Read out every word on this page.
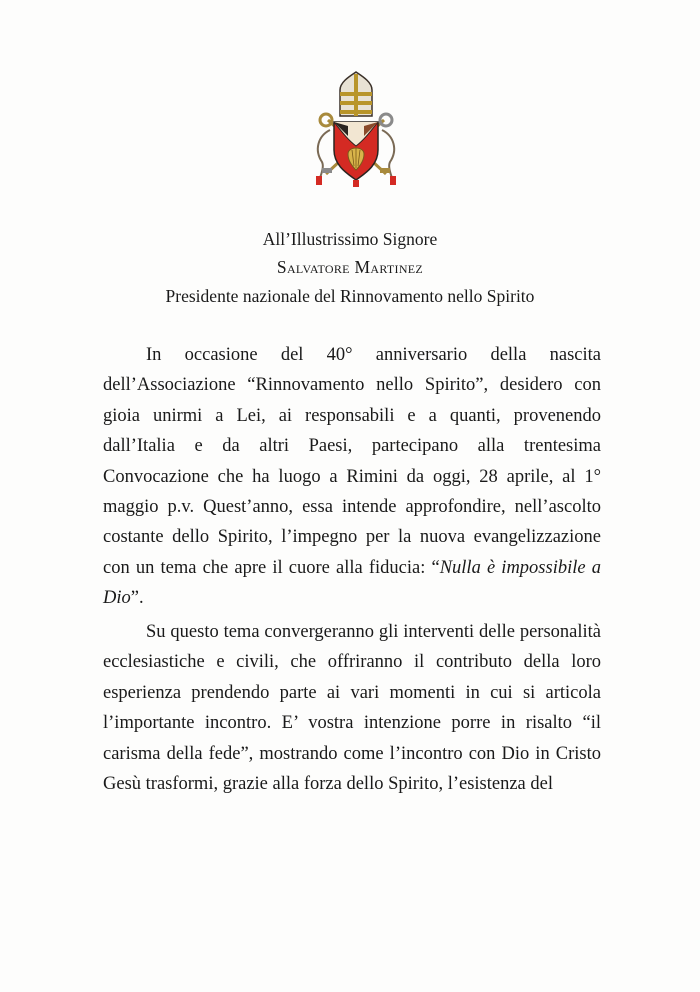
All’Illustrissimo Signore
Salvatore Martinez
Presidente nazionale del Rinnovamento nello Spirito

In occasione del 40° anniversario della nascita dell’Associazione “Rinnovamento nello Spirito”, desidero con gioia unirmi a Lei, ai responsabili e a quanti, provenendo dall’Italia e da altri Paesi, partecipano alla trentesima Convocazione che ha luogo a Rimini da oggi, 28 aprile, al 1° maggio p.v. Quest’anno, essa intende approfondire, nell’ascolto costante dello Spirito, l’impegno per la nuova evangelizzazione con un tema che apre il cuore alla fiducia: “Nulla è impossibile a Dio”.

Su questo tema convergeranno gli interventi delle personalità ecclesiastiche e civili, che offriranno il contributo della loro esperienza prendendo parte ai vari momenti in cui si articola l’importante incontro. E’ vostra intenzione porre in risalto “il carisma della fede”, mostrando come l’incontro con Dio in Cristo Gesù trasformi, grazie alla forza dello Spirito, l’esistenza del
